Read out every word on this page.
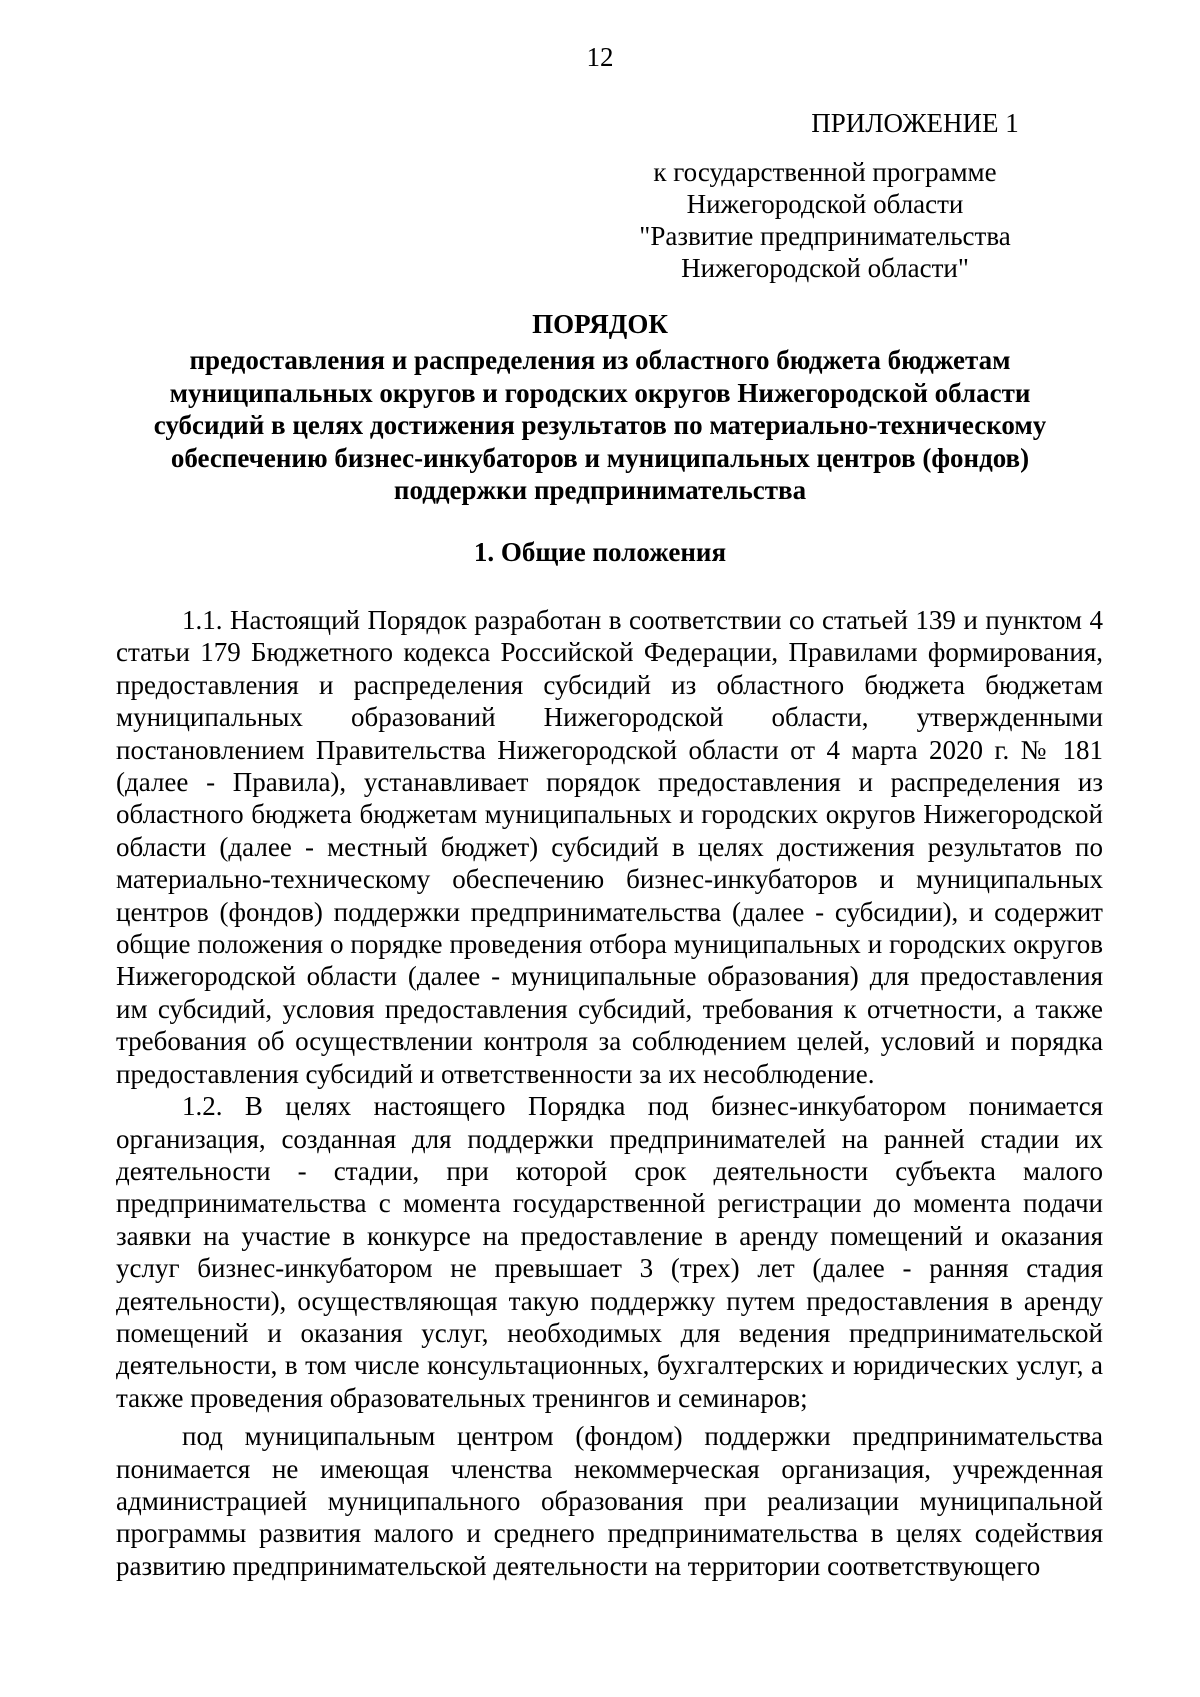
12
ПРИЛОЖЕНИЕ 1
к государственной программе
Нижегородской области
"Развитие предпринимательства
Нижегородской области"
ПОРЯДОК
предоставления и распределения из областного бюджета бюджетам
муниципальных округов и городских округов Нижегородской области
субсидий в целях достижения результатов по материально-техническому
обеспечению бизнес-инкубаторов и муниципальных центров (фондов)
поддержки предпринимательства
1. Общие положения

1.1. Настоящий Порядок разработан в соответствии со статьей 139 и пунктом 4 статьи 179 Бюджетного кодекса Российской Федерации, Правилами формирования, предоставления и распределения субсидий из областного бюджета бюджетам муниципальных образований Нижегородской области, утвержденными постановлением Правительства Нижегородской области от 4 марта 2020 г. № 181 (далее - Правила), устанавливает порядок предоставления и распределения из областного бюджета бюджетам муниципальных и городских округов Нижегородской области (далее - местный бюджет) субсидий в целях достижения результатов по материально-техническому обеспечению бизнес-инкубаторов и муниципальных центров (фондов) поддержки предпринимательства (далее - субсидии), и содержит общие положения о порядке проведения отбора муниципальных и городских округов Нижегородской области (далее - муниципальные образования) для предоставления им субсидий, условия предоставления субсидий, требования к отчетности, а также требования об осуществлении контроля за соблюдением целей, условий и порядка предоставления субсидий и ответственности за их несоблюдение.

1.2. В целях настоящего Порядка под бизнес-инкубатором понимается организация, созданная для поддержки предпринимателей на ранней стадии их деятельности - стадии, при которой срок деятельности субъекта малого предпринимательства с момента государственной регистрации до момента подачи заявки на участие в конкурсе на предоставление в аренду помещений и оказания услуг бизнес-инкубатором не превышает 3 (трех) лет (далее - ранняя стадия деятельности), осуществляющая такую поддержку путем предоставления в аренду помещений и оказания услуг, необходимых для ведения предпринимательской деятельности, в том числе консультационных, бухгалтерских и юридических услуг, а также проведения образовательных тренингов и семинаров;

под муниципальным центром (фондом) поддержки предпринимательства понимается не имеющая членства некоммерческая организация, учрежденная администрацией муниципального образования при реализации муниципальной программы развития малого и среднего предпринимательства в целях содействия развитию предпринимательской деятельности на территории соответствующего
